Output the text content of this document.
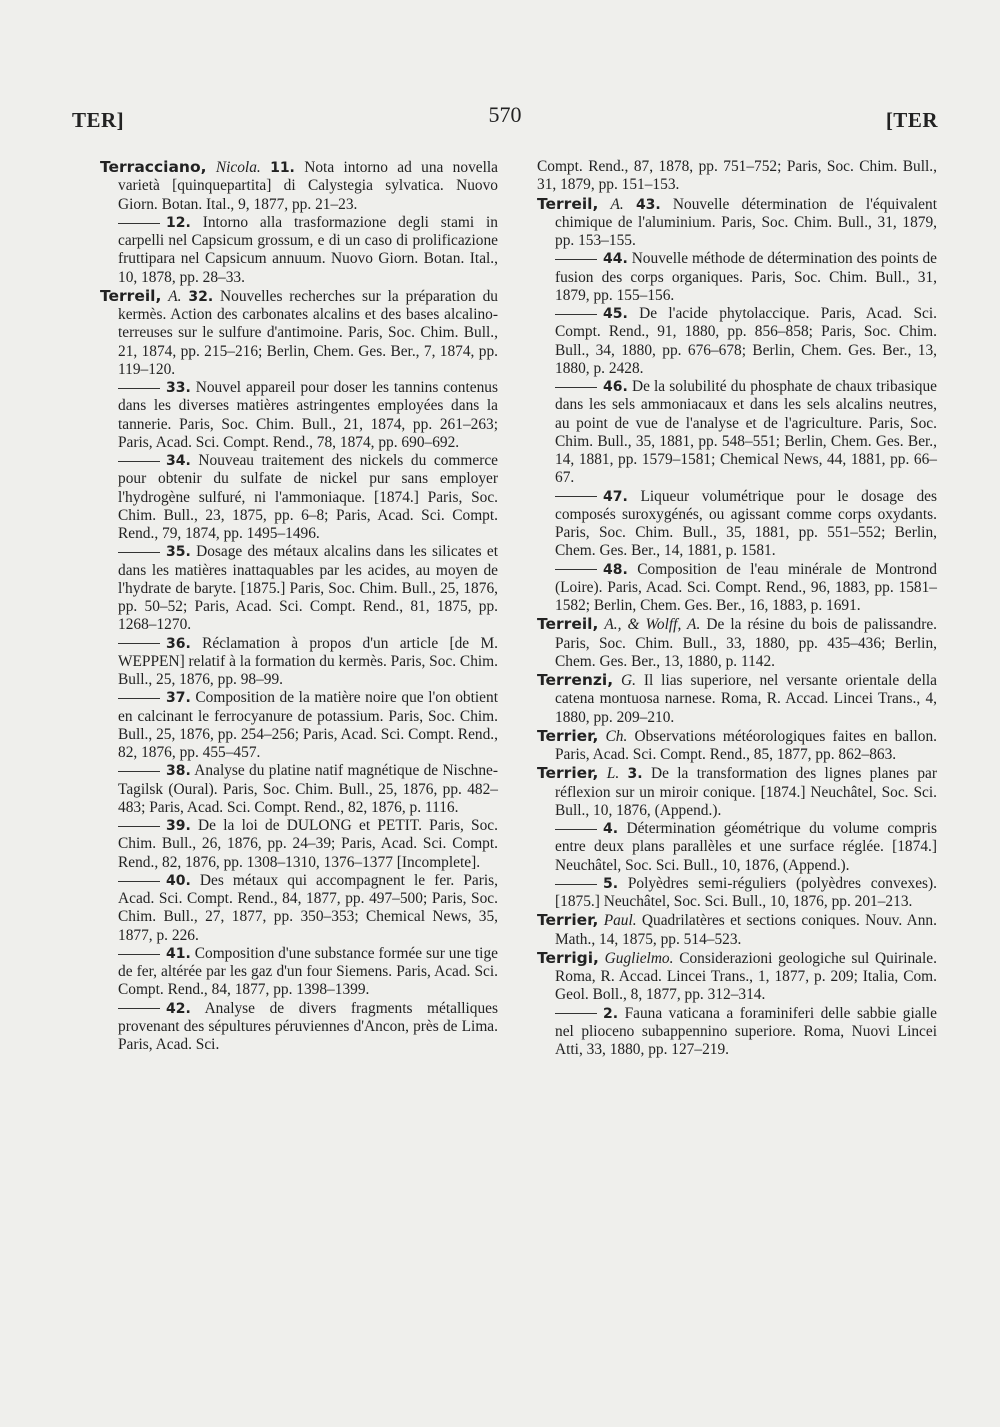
TER]	570	[TER

Terracciano, Nicola. 11. Nota intorno ad una novella varietà [quinquepartita] di Calystegia sylvatica. Nuovo Giorn. Botan. Ital., 9, 1877, pp. 21–23.

12. Intorno alla trasformazione degli stami in carpelli nel Capsicum grossum, e di un caso di prolificazione fruttipara nel Capsicum annuum. Nuovo Giorn. Botan. Ital., 10, 1878, pp. 28–33.

Terreil, A. 32. Nouvelles recherches sur la préparation du kermès. Action des carbonates alcalins et des bases alcalino-terreuses sur le sulfure d'antimoine. Paris, Soc. Chim. Bull., 21, 1874, pp. 215–216; Berlin, Chem. Ges. Ber., 7, 1874, pp. 119–120.

33. Nouvel appareil pour doser les tannins contenus dans les diverses matières astringentes employées dans la tannerie. Paris, Soc. Chim. Bull., 21, 1874, pp. 261–263; Paris, Acad. Sci. Compt. Rend., 78, 1874, pp. 690–692.

34. Nouveau traitement des nickels du commerce pour obtenir du sulfate de nickel pur sans employer l'hydrogène sulfuré, ni l'ammoniaque. [1874.] Paris, Soc. Chim. Bull., 23, 1875, pp. 6–8; Paris, Acad. Sci. Compt. Rend., 79, 1874, pp. 1495–1496.

35. Dosage des métaux alcalins dans les silicates et dans les matières inattaquables par les acides, au moyen de l'hydrate de baryte. [1875.] Paris, Soc. Chim. Bull., 25, 1876, pp. 50–52; Paris, Acad. Sci. Compt. Rend., 81, 1875, pp. 1268–1270.

36. Réclamation à propos d'un article [de M. WEPPEN] relatif à la formation du kermès. Paris, Soc. Chim. Bull., 25, 1876, pp. 98–99.

37. Composition de la matière noire que l'on obtient en calcinant le ferrocyanure de potassium. Paris, Soc. Chim. Bull., 25, 1876, pp. 254–256; Paris, Acad. Sci. Compt. Rend., 82, 1876, pp. 455–457.

38. Analyse du platine natif magnétique de Nischne-Tagilsk (Oural). Paris, Soc. Chim. Bull., 25, 1876, pp. 482–483; Paris, Acad. Sci. Compt. Rend., 82, 1876, p. 1116.

39. De la loi de DULONG et PETIT. Paris, Soc. Chim. Bull., 26, 1876, pp. 24–39; Paris, Acad. Sci. Compt. Rend., 82, 1876, pp. 1308–1310, 1376–1377 [Incomplete].

40. Des métaux qui accompagnent le fer. Paris, Acad. Sci. Compt. Rend., 84, 1877, pp. 497–500; Paris, Soc. Chim. Bull., 27, 1877, pp. 350–353; Chemical News, 35, 1877, p. 226.

41. Composition d'une substance formée sur une tige de fer, altérée par les gaz d'un four Siemens. Paris, Acad. Sci. Compt. Rend., 84, 1877, pp. 1398–1399.

42. Analyse de divers fragments métalliques provenant des sépultures péruviennes d'Ancon, près de Lima. Paris, Acad. Sci.

Compt. Rend., 87, 1878, pp. 751–752; Paris, Soc. Chim. Bull., 31, 1879, pp. 151–153.

Terreil, A. 43. Nouvelle détermination de l'équivalent chimique de l'aluminium. Paris, Soc. Chim. Bull., 31, 1879, pp. 153–155.

44. Nouvelle méthode de détermination des points de fusion des corps organiques. Paris, Soc. Chim. Bull., 31, 1879, pp. 155–156.

45. De l'acide phytolaccique. Paris, Acad. Sci. Compt. Rend., 91, 1880, pp. 856–858; Paris, Soc. Chim. Bull., 34, 1880, pp. 676–678; Berlin, Chem. Ges. Ber., 13, 1880, p. 2428.

46. De la solubilité du phosphate de chaux tribasique dans les sels ammoniacaux et dans les sels alcalins neutres, au point de vue de l'analyse et de l'agriculture. Paris, Soc. Chim. Bull., 35, 1881, pp. 548–551; Berlin, Chem. Ges. Ber., 14, 1881, pp. 1579–1581; Chemical News, 44, 1881, pp. 66–67.

47. Liqueur volumétrique pour le dosage des composés suroxygénés, ou agissant comme corps oxydants. Paris, Soc. Chim. Bull., 35, 1881, pp. 551–552; Berlin, Chem. Ges. Ber., 14, 1881, p. 1581.

48. Composition de l'eau minérale de Montrond (Loire). Paris, Acad. Sci. Compt. Rend., 96, 1883, pp. 1581–1582; Berlin, Chem. Ges. Ber., 16, 1883, p. 1691.

Terreil, A., & Wolff, A. De la résine du bois de palissandre. Paris, Soc. Chim. Bull., 33, 1880, pp. 435–436; Berlin, Chem. Ges. Ber., 13, 1880, p. 1142.

Terrenzi, G. Il lias superiore, nel versante orientale della catena montuosa narnese. Roma, R. Accad. Lincei Trans., 4, 1880, pp. 209–210.

Terrier, Ch. Observations météorologiques faites en ballon. Paris, Acad. Sci. Compt. Rend., 85, 1877, pp. 862–863.

Terrier, L. 3. De la transformation des lignes planes par réflexion sur un miroir conique. [1874.] Neuchâtel, Soc. Sci. Bull., 10, 1876, (Append.).

4. Détermination géométrique du volume compris entre deux plans parallèles et une surface réglée. [1874.] Neuchâtel, Soc. Sci. Bull., 10, 1876, (Append.).

5. Polyèdres semi-réguliers (polyèdres convexes). [1875.] Neuchâtel, Soc. Sci. Bull., 10, 1876, pp. 201–213.

Terrier, Paul. Quadrilatères et sections coniques. Nouv. Ann. Math., 14, 1875, pp. 514–523.

Terrigi, Guglielmo. Considerazioni geologiche sul Quirinale. Roma, R. Accad. Lincei Trans., 1, 1877, p. 209; Italia, Com. Geol. Boll., 8, 1877, pp. 312–314.

2. Fauna vaticana a foraminiferi delle sabbie gialle nel plioceno subappennino superiore. Roma, Nuovi Lincei Atti, 33, 1880, pp. 127–219.
